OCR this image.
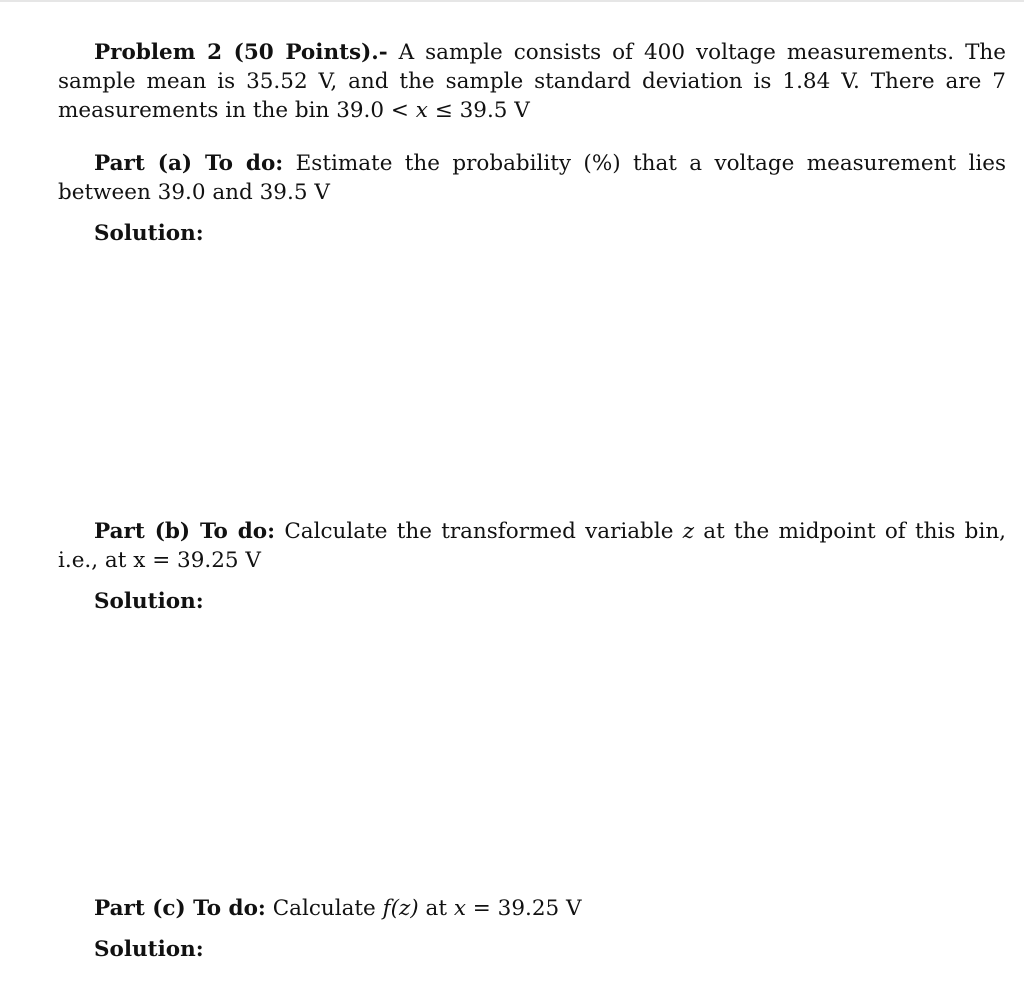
Problem 2 (50 Points).- A sample consists of 400 voltage measurements. The sample mean is 35.52 V, and the sample standard deviation is 1.84 V. There are 7 measurements in the bin 39.0 < x ≤ 39.5 V

Part (a) To do: Estimate the probability (%) that a voltage measurement lies between 39.0 and 39.5 V

Solution:

Part (b) To do: Calculate the transformed variable z at the midpoint of this bin, i.e., at x = 39.25 V

Solution:

Part (c) To do: Calculate f(z) at x = 39.25 V

Solution:
